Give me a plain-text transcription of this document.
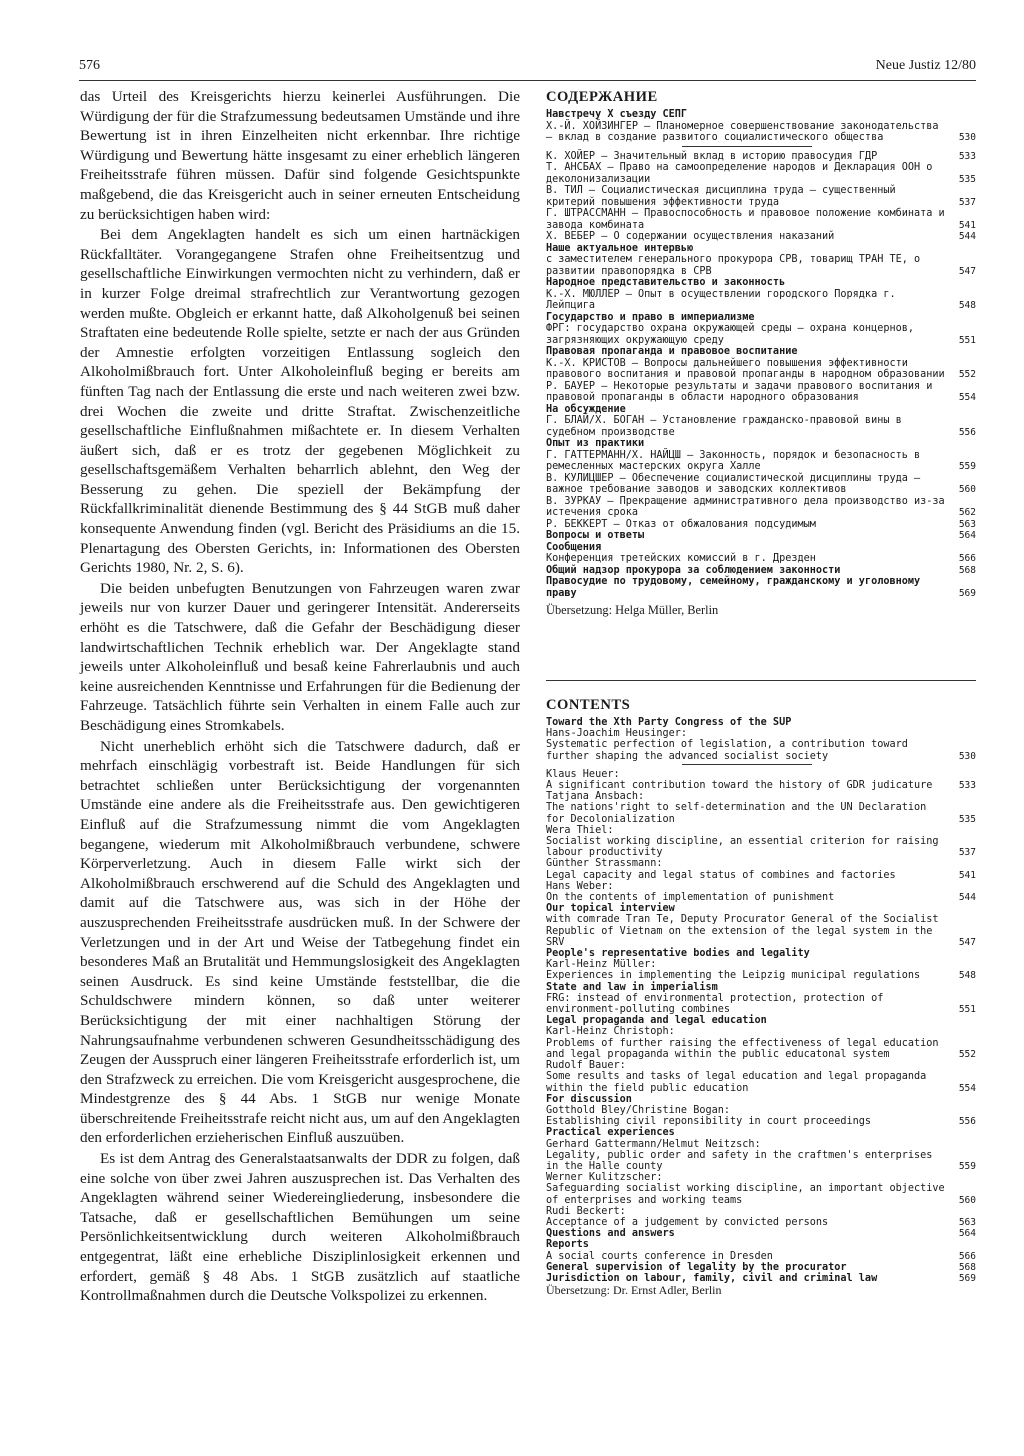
576	Neue Justiz 12/80

das Urteil des Kreisgerichts hierzu keinerlei Ausführungen. Die Würdigung der für die Strafzumessung bedeutsamen Umstände und ihre Bewertung ist in ihren Einzelheiten nicht erkennbar. Ihre richtige Würdigung und Bewertung hätte insgesamt zu einer erheblich längeren Freiheitsstrafe führen müssen. Dafür sind folgende Gesichtspunkte maßgebend, die das Kreisgericht auch in seiner erneuten Entscheidung zu berücksichtigen haben wird:

Bei dem Angeklagten handelt es sich um einen hartnäckigen Rückfalltäter. Vorangegangene Strafen ohne Freiheitsentzug und gesellschaftliche Einwirkungen vermochten nicht zu verhindern, daß er in kurzer Folge dreimal strafrechtlich zur Verantwortung gezogen werden mußte. Obgleich er erkannt hatte, daß Alkoholgenuß bei seinen Straftaten eine bedeutende Rolle spielte, setzte er nach der aus Gründen der Amnestie erfolgten vorzeitigen Entlassung sogleich den Alkoholmißbrauch fort. Unter Alkoholeinfluß beging er bereits am fünften Tag nach der Entlassung die erste und nach weiteren zwei bzw. drei Wochen die zweite und dritte Straftat. Zwischenzeitliche gesellschaftliche Einflußnahmen mißachtete er. In diesem Verhalten äußert sich, daß er es trotz der gegebenen Möglichkeit zu gesellschaftsgemäßem Verhalten beharrlich ablehnt, den Weg der Besserung zu gehen. Die speziell der Bekämpfung der Rückfallkriminalität dienende Bestimmung des § 44 StGB muß daher konsequente Anwendung finden (vgl. Bericht des Präsidiums an die 15. Plenartagung des Obersten Gerichts, in: Informationen des Obersten Gerichts 1980, Nr. 2, S. 6).

Die beiden unbefugten Benutzungen von Fahrzeugen waren zwar jeweils nur von kurzer Dauer und geringerer Intensität. Andererseits erhöht es die Tatschwere, daß die Gefahr der Beschädigung dieser landwirtschaftlichen Technik erheblich war. Der Angeklagte stand jeweils unter Alkoholeinfluß und besaß keine Fahrerlaubnis und auch keine ausreichenden Kenntnisse und Erfahrungen für die Bedienung der Fahrzeuge. Tatsächlich führte sein Verhalten in einem Falle auch zur Beschädigung eines Stromkabels.

Nicht unerheblich erhöht sich die Tatschwere dadurch, daß er mehrfach einschlägig vorbestraft ist. Beide Handlungen für sich betrachtet schließen unter Berücksichtigung der vorgenannten Umstände eine andere als die Freiheitsstrafe aus. Den gewichtigeren Einfluß auf die Strafzumessung nimmt die vom Angeklagten begangene, wiederum mit Alkoholmißbrauch verbundene, schwere Körperverletzung. Auch in diesem Falle wirkt sich der Alkoholmißbrauch erschwerend auf die Schuld des Angeklagten und damit auf die Tatschwere aus, was sich in der Höhe der auszusprechenden Freiheitsstrafe ausdrücken muß. In der Schwere der Verletzungen und in der Art und Weise der Tatbegehung findet ein besonderes Maß an Brutalität und Hemmungslosigkeit des Angeklagten seinen Ausdruck. Es sind keine Umstände feststellbar, die die Schuldschwere mindern können, so daß unter weiterer Berücksichtigung der mit einer nachhaltigen Störung der Nahrungsaufnahme verbundenen schweren Gesundheitsschädigung des Zeugen der Ausspruch einer längeren Freiheitsstrafe erforderlich ist, um den Strafzweck zu erreichen. Die vom Kreisgericht ausgesprochene, die Mindestgrenze des § 44 Abs. 1 StGB nur wenige Monate überschreitende Freiheitsstrafe reicht nicht aus, um auf den Angeklagten den erforderlichen erzieherischen Einfluß auszuüben.

Es ist dem Antrag des Generalstaatsanwalts der DDR zu folgen, daß eine solche von über zwei Jahren auszusprechen ist. Das Verhalten des Angeklagten während seiner Wiedereingliederung, insbesondere die Tatsache, daß er gesellschaftlichen Bemühungen um seine Persönlichkeitsentwicklung durch weiteren Alkoholmißbrauch entgegentrat, läßt eine erhebliche Disziplinlosigkeit erkennen und erfordert, gemäß § 48 Abs. 1 StGB zusätzlich auf staatliche Kontrollmaßnahmen durch die Deutsche Volkspolizei zu erkennen.

СОДЕРЖАНИЕ
Навстречу X съезду СЕПГ
Х.-Й. ХОЙЗИНГЕР — Планомерное совершенствование законодательства — вклад в создание развитого социалистического общества	530
К. ХОЙЕР — Значительный вклад в историю правосудия ГДР	533
Т. АНСБАХ — Право на самоопределение народов и Декларация ООН о деколонизализации	535
В. ТИЛ — Социалистическая дисциплина труда — существенный критерий повышения эффективности труда	537
Г. ШТРАССМАНН — Правоспособность и правовое положение комбината и завода комбината	541
Х. ВЕБЕР — О содержании осуществления наказаний	544
Наше актуальное интервью
с заместителем генерального прокурора СРВ, товарищ ТРАН ТЕ, о развитии правопорядка в СРВ	547
Народное представительство и законность
К.-Х. МЮЛЛЕР — Опыт в осуществлении городского Порядка г. Лейпцига	548
Государство и право в империализме
ФРГ: государство охрана окружающей среды — охрана концернов, загрязняющих окружающую среду	551
Правовая пропаганда и правовое воспитание
К.-Х. КРИСТОВ — Вопросы дальнейшего повышения эффективности правового воспитания и правовой пропаганды в народном образовании 552
Р. БАУЕР — Некоторые результаты и задачи правового воспитания и правовой пропаганды в области народного образования	554
На обсуждение
Г. БЛАЙ/Х. БОГАН — Установление гражданско-правовой вины в судебном производстве	556
Опыт из практики
Г. ГАТТЕРМАНН/Х. НАЙЦШ — Законность, порядок и безопасность в ремесленных мастерских округа Халле	559
В. КУЛИЦШЕР — Обеспечение социалистической дисциплины труда — важное требование заводов и заводских коллективов	560
В. ЗУРКАУ — Прекращение административного дела производство из-за истечения срока	562
Р. БЕККЕРТ — Отказ от обжалования подсудимым	563
Вопросы и ответы	564
Сообщения
Конференция третейских комиссий в г. Дрезден	566
Общий надзор прокурора за соблюдением законности	568
Правосудие по трудовому, семейному, гражданскому и уголовному праву	569
Übersetzung: Helga Müller, Berlin
CONTENTS
Toward the Xth Party Congress of the SUP
Hans-Joachim Heusinger:
Systematic perfection of legislation, a contribution toward further shaping the advanced socialist society	530
Klaus Heuer:
A significant contribution toward the history of GDR judicature	533
Tatjana Ansbach:
The nations'right to self-determination and the UN Declaration for Decolonialization	535
Wera Thiel:
Socialist working discipline, an essential criterion for raising labour productivity	537
Günther Strassmann:
Legal capacity and legal status of combines and factories	541
Hans Weber:
On the contents of implementation of punishment	544
Our topical interview
with comrade Tran Te, Deputy Procurator General of the Socialist Republic of Vietnam on the extension of the legal system in the SRV	547
People's representative bodies and legality
Karl-Heinz Müller:
Experiences in implementing the Leipzig municipal regulations	548
State and law in imperialism
FRG: instead of environmental protection, protection of environment-polluting combines	551
Legal propaganda and legal education
Karl-Heinz Christoph:
Problems of further raising the effectiveness of legal education and legal propaganda within the public educatonal system	552
Rudolf Bauer:
Some results and tasks of legal education and legal propaganda within the field public education	554
For discussion
Gotthold Bley/Christine Bogan:
Establishing civil reponsibility in court proceedings	556
Practical experiences
Gerhard Gattermann/Helmut Neitzsch:
Legality, public order and safety in the craftmen's enterprises in the Halle county	559
Werner Kulitzscher:
Safeguarding socialist working discipline, an important objective of enterprises and working teams	560
Rudi Beckert:
Acceptance of a judgement by convicted persons	563
Questions and answers	564
Reports
A social courts conference in Dresden	566
General supervision of legality by the procurator	568
Jurisdiction on labour, family, civil and criminal law	569
Übersetzung: Dr. Ernst Adler, Berlin
